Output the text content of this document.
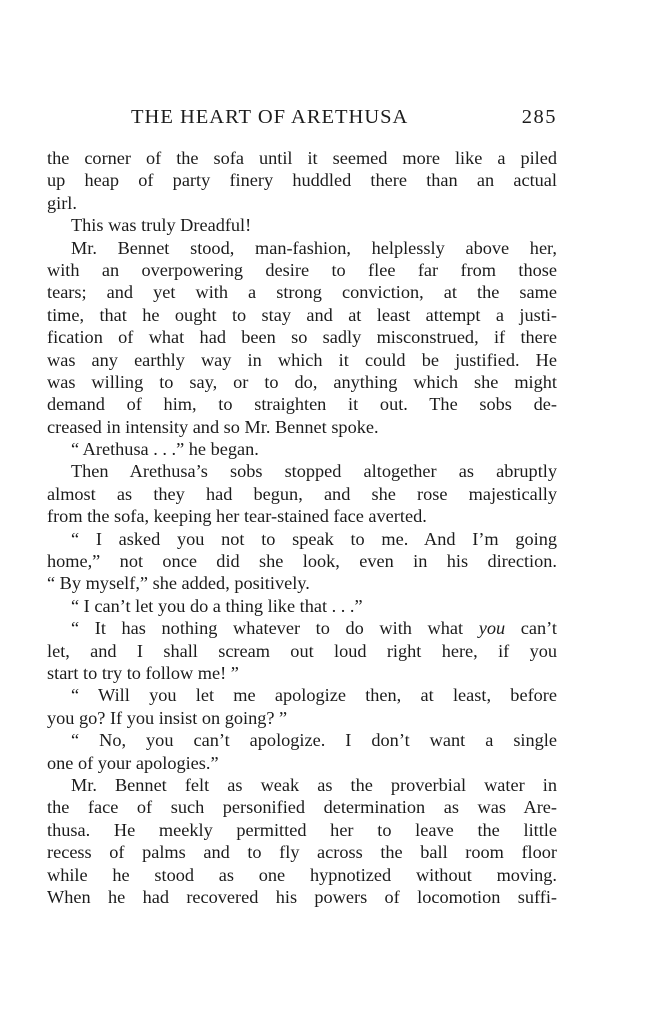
THE HEART OF ARETHUSA	285
the corner of the sofa until it seemed more like a piled
up heap of party finery huddled there than an actual
girl.
This was truly Dreadful!
Mr. Bennet stood, man-fashion, helplessly above her,
with an overpowering desire to flee far from those
tears; and yet with a strong conviction, at the same
time, that he ought to stay and at least attempt a justi-
fication of what had been so sadly misconstrued, if there
was any earthly way in which it could be justified. He
was willing to say, or to do, anything which she might
demand of him, to straighten it out. The sobs de-
creased in intensity and so Mr. Bennet spoke.
“ Arethusa . . .” he began.
Then Arethusa’s sobs stopped altogether as abruptly
almost as they had begun, and she rose majestically
from the sofa, keeping her tear-stained face averted.
“ I asked you not to speak to me. And I’m going
home,” not once did she look, even in his direction.
“ By myself,” she added, positively.
“ I can’t let you do a thing like that . . .”
“ It has nothing whatever to do with what you can’t
let, and I shall scream out loud right here, if you
start to try to follow me! ”
“ Will you let me apologize then, at least, before
you go? If you insist on going? ”
“ No, you can’t apologize. I don’t want a single
one of your apologies.”
Mr. Bennet felt as weak as the proverbial water in
the face of such personified determination as was Are-
thusa. He meekly permitted her to leave the little
recess of palms and to fly across the ball room floor
while he stood as one hypnotized without moving.
When he had recovered his powers of locomotion suffi-
